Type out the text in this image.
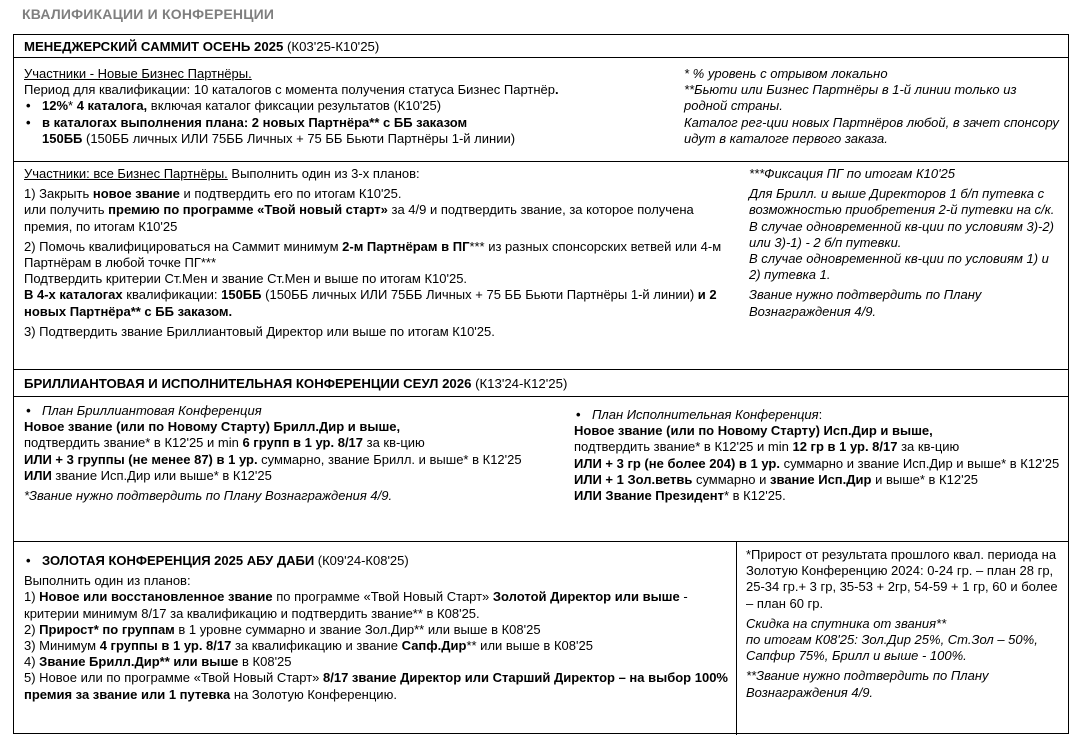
КВАЛИФИКАЦИИ И КОНФЕРЕНЦИИ
МЕНЕДЖЕРСКИЙ САММИТ ОСЕНЬ 2025 (К03'25-К10'25)

Участники - Новые Бизнес Партнёры.

Период для квалификации: 10 каталогов с момента получения статуса Бизнес Партнёр.

• 12%* 4 каталога, включая каталог фиксации результатов (К10'25)

• в каталогах выполнения плана: 2 новых Партнёра** с ББ заказом

150ББ (150ББ личных ИЛИ 75ББ Личных + 75 ББ Бьюти Партнёры 1-й линии)

* % уровень с отрывом локально

**Бьюти или Бизнес Партнёры в 1-й линии только из родной страны.

Каталог рег-ции новых Партнёров любой, в зачет спонсору идут в каталоге первого заказа.

Участники: все Бизнес Партнёры. Выполнить один из 3-х планов:

1) Закрыть новое звание и подтвердить его по итогам К10'25.
или получить премию по программе «Твой новый старт» за 4/9 и подтвердить звание, за которое получена премия, по итогам К10'25

2) Помочь квалифицироваться на Саммит минимум 2-м Партнёрам в ПГ*** из разных спонсорских ветвей или 4-м Партнёрам в любой точке ПГ***
Подтвердить критерии Ст.Мен и звание Ст.Мен и выше по итогам К10'25.
В 4-х каталогах квалификации: 150ББ (150ББ личных ИЛИ 75ББ Личных + 75 ББ Бьюти Партнёры 1-й линии) и 2 новых Партнёра** с ББ заказом.

3) Подтвердить звание Бриллиантовый Директор или выше по итогам К10'25.

***Фиксация ПГ по итогам К10'25

Для Брилл. и выше Директоров 1 б/п путевка с возможностью приобретения 2-й путевки на с/к.

В случае одновременной кв-ции по условиям 3)-2) или 3)-1) - 2 б/п путевки.

В случае одновременной кв-ции по условиям 1) и 2) путевка 1.

Звание нужно подтвердить по Плану Вознаграждения 4/9.

БРИЛЛИАНТОВАЯ И ИСПОЛНИТЕЛЬНАЯ КОНФЕРЕНЦИИ СЕУЛ 2026 (К13'24-К12'25)

• План Бриллиантовая Конференция

Новое звание (или по Новому Старту) Брилл.Дир и выше,

подтвердить звание* в К12'25 и min 6 групп в 1 ур. 8/17 за кв-цию

ИЛИ + 3 группы (не менее 87) в 1 ур. суммарно, звание Брилл. и выше* в К12'25

ИЛИ звание Исп.Дир или выше* в К12'25

*Звание нужно подтвердить по Плану Вознаграждения 4/9.

• План Исполнительная Конференция:

Новое звание (или по Новому Старту) Исп.Дир и выше,

подтвердить звание* в К12'25 и min 12 гр в 1 ур. 8/17 за кв-цию

ИЛИ + 3 гр (не более 204) в 1 ур. суммарно и звание Исп.Дир и выше* в К12'25

ИЛИ + 1 Зол.ветвь суммарно и звание Исп.Дир и выше* в К12'25

ИЛИ Звание Президент* в К12'25.

• ЗОЛОТАЯ КОНФЕРЕНЦИЯ 2025 АБУ ДАБИ (К09'24-К08'25)

Выполнить один из планов:

1) Новое или восстановленное звание по программе «Твой Новый Старт» Золотой Директор или выше - критерии минимум 8/17 за квалификацию и подтвердить звание** в К08'25.

2) Прирост* по группам в 1 уровне суммарно и звание Зол.Дир** или выше в К08'25

3) Минимум 4 группы в 1 ур. 8/17 за квалификацию и звание Сапф.Дир** или выше в К08'25

4) Звание Брилл.Дир** или выше в К08'25

5) Новое или по программе «Твой Новый Старт» 8/17 звание Директор или Старший Директор – на выбор 100% премия за звание или 1 путевка на Золотую Конференцию.

*Прирост от результата прошлого квал. периода на Золотую Конференцию 2024: 0-24 гр. – план 28 гр, 25-34 гр.+ 3 гр, 35-53 + 2гр, 54-59 + 1 гр, 60 и более – план 60 гр.

Скидка на спутника от звания**
по итогам К08'25: Зол.Дир 25%, Ст.Зол – 50%, Сапфир 75%, Брилл и выше - 100%.

**Звание нужно подтвердить по Плану Вознаграждения 4/9.
